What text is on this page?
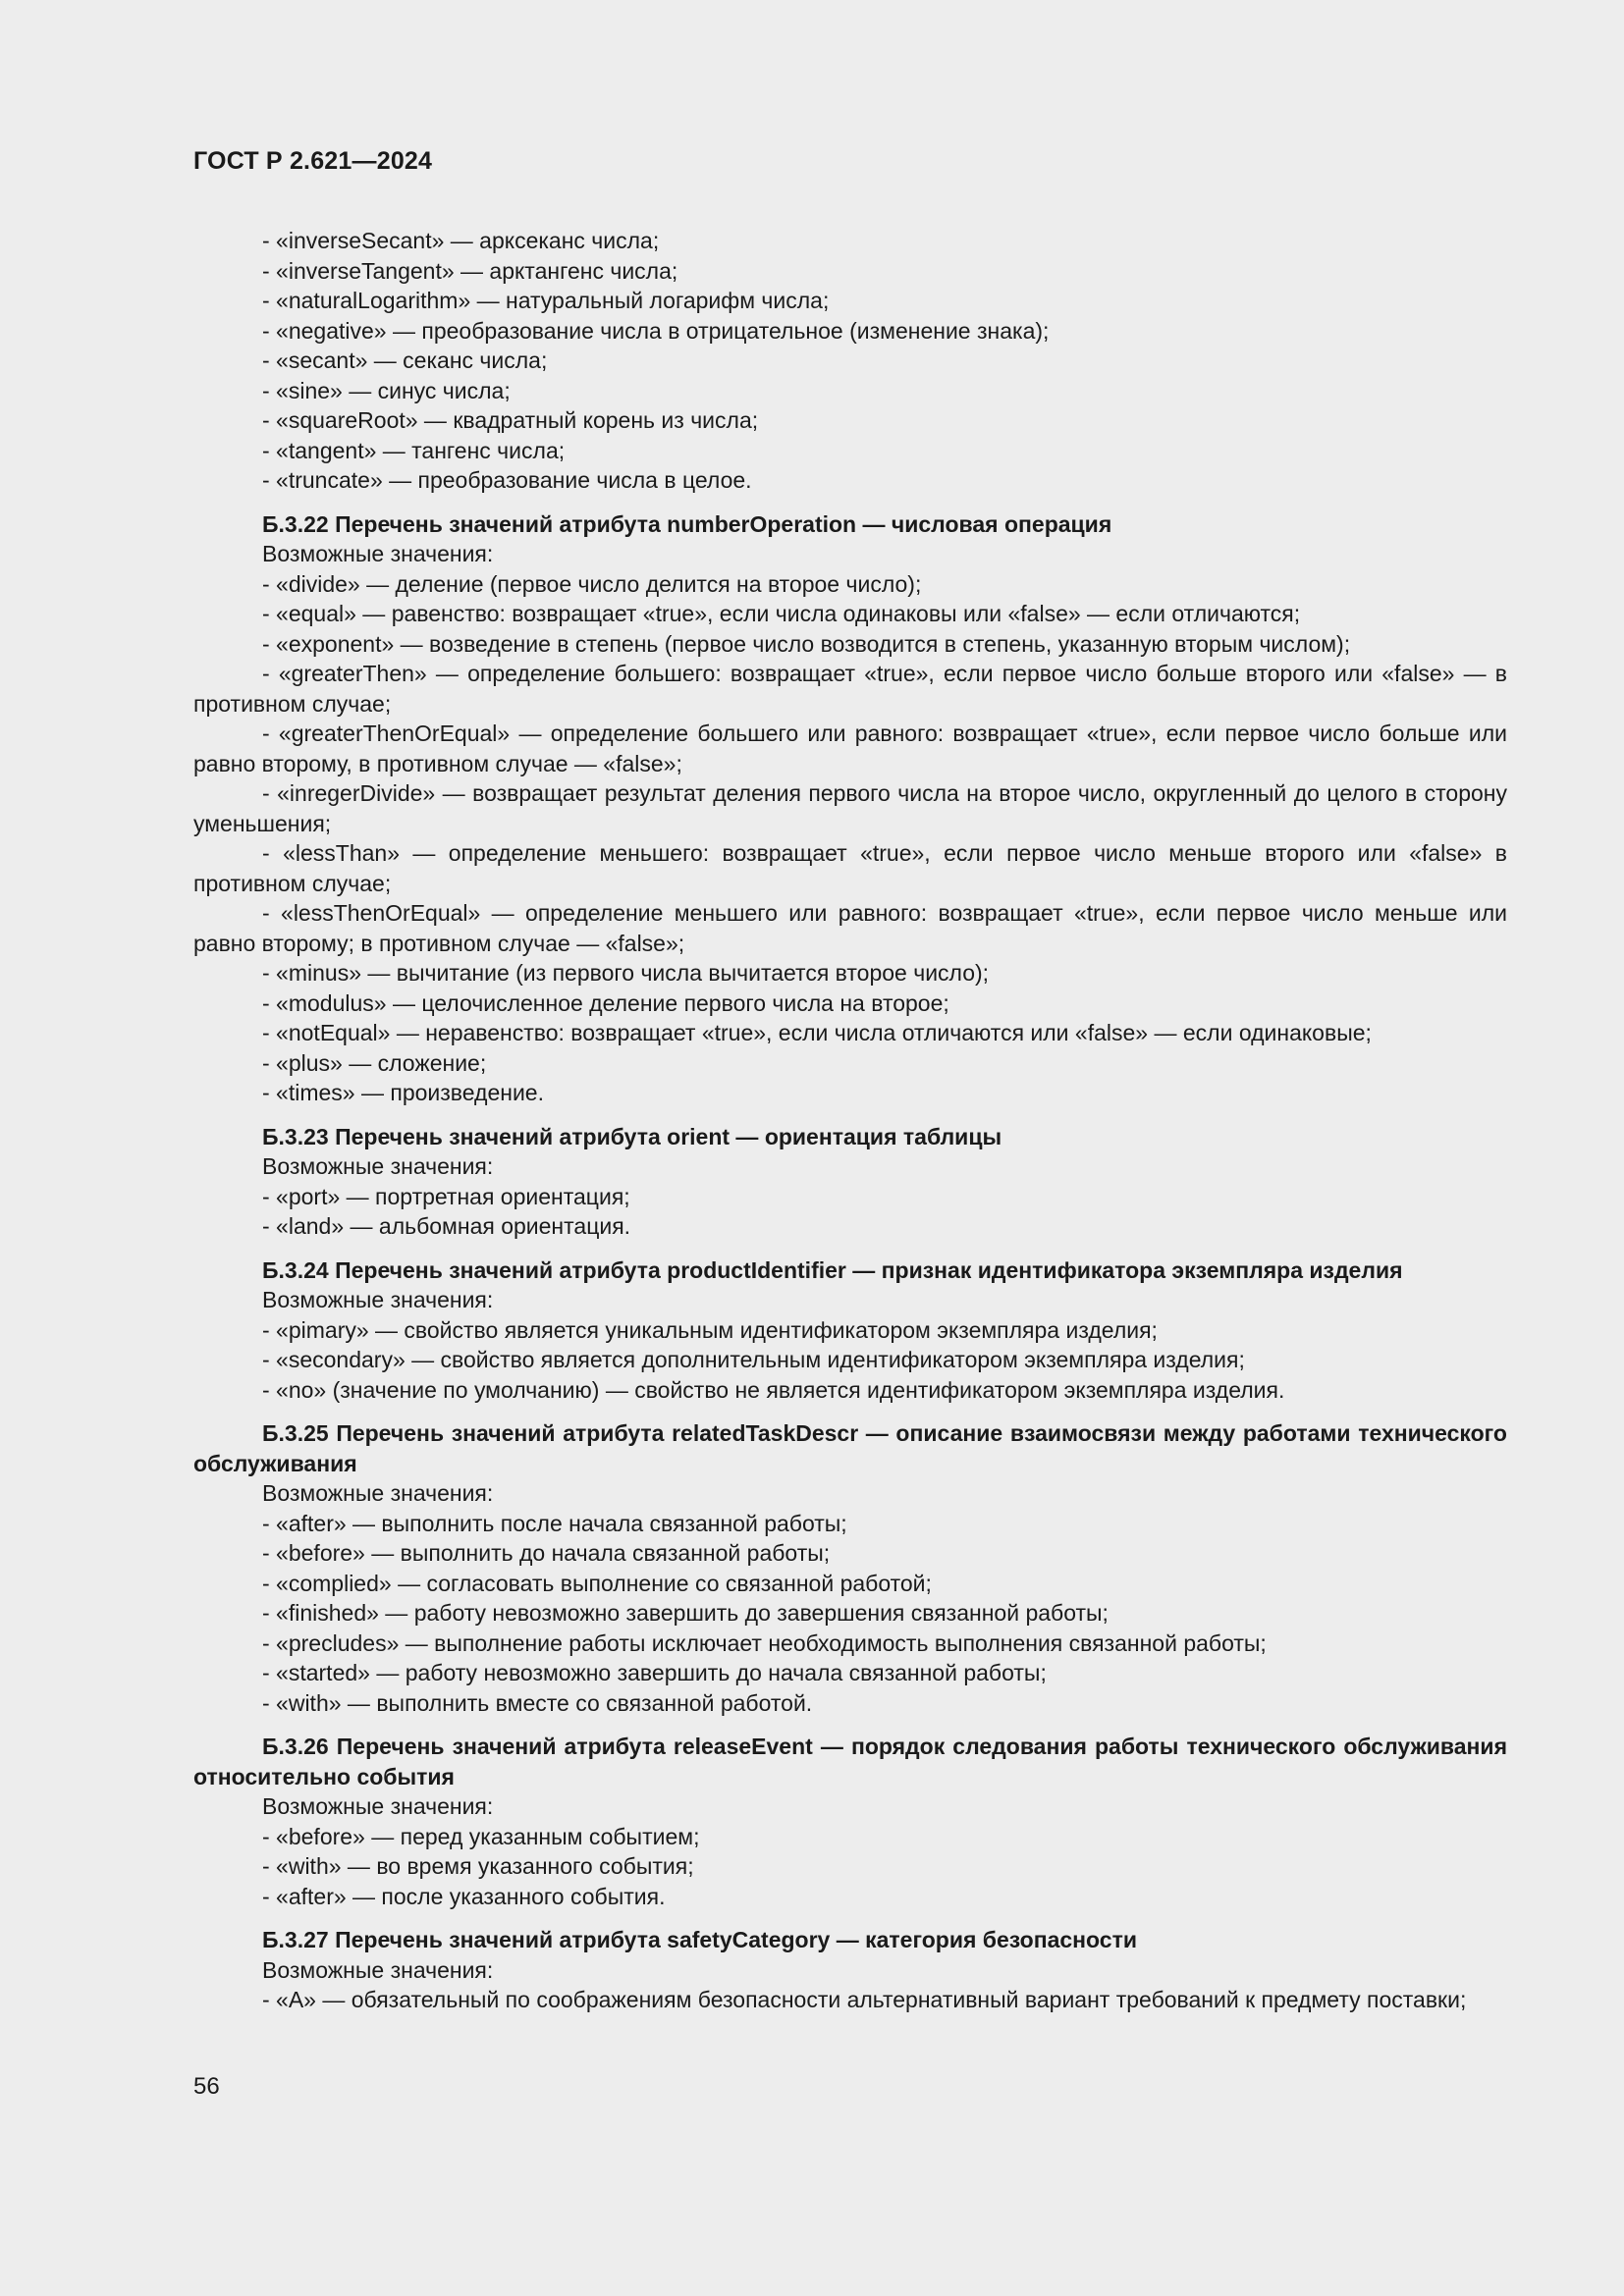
ГОСТ Р 2.621—2024
- «inverseSecant» — арксеканс числа;
- «inverseTangent» — арктангенс числа;
- «naturalLogarithm» — натуральный логарифм числа;
- «negative» — преобразование числа в отрицательное (изменение знака);
- «secant» — секанс числа;
- «sine» — синус числа;
- «squareRoot» — квадратный корень из числа;
- «tangent» — тангенс числа;
- «truncate» — преобразование числа в целое.
Б.3.22 Перечень значений атрибута numberOperation — числовая операция
Возможные значения:
- «divide» — деление (первое число делится на второе число);
- «equal» — равенство: возвращает «true», если числа одинаковы или «false» — если отличаются;
- «exponent» — возведение в степень (первое число возводится в степень, указанную вторым числом);
- «greaterThen» — определение большего: возвращает «true», если первое число больше второго или «false» — в противном случае;
- «greaterThenOrEqual» — определение большего или равного: возвращает «true», если первое число больше или равно второму, в противном случае — «false»;
- «inregerDivide» — возвращает результат деления первого числа на второе число, округленный до целого в сторону уменьшения;
- «lessThan» — определение меньшего: возвращает «true», если первое число меньше второго или «false» в противном случае;
- «lessThenOrEqual» — определение меньшего или равного: возвращает «true», если первое число меньше или равно второму; в противном случае — «false»;
- «minus» — вычитание (из первого числа вычитается второе число);
- «modulus» — целочисленное деление первого числа на второе;
- «notEqual» — неравенство: возвращает «true», если числа отличаются или «false» — если одинаковые;
- «plus» — сложение;
- «times» — произведение.
Б.3.23 Перечень значений атрибута orient — ориентация таблицы
Возможные значения:
- «port» — портретная ориентация;
- «land» — альбомная ориентация.
Б.3.24 Перечень значений атрибута productIdentifier — признак идентификатора экземпляра изделия
Возможные значения:
- «pimary» — свойство является уникальным идентификатором экземпляра изделия;
- «secondary» — свойство является дополнительным идентификатором экземпляра изделия;
- «no» (значение по умолчанию) — свойство не является идентификатором экземпляра изделия.
Б.3.25 Перечень значений атрибута relatedTaskDescr — описание взаимосвязи между работами технического обслуживания
Возможные значения:
- «after» — выполнить после начала связанной работы;
- «before» — выполнить до начала связанной работы;
- «complied» — согласовать выполнение со связанной работой;
- «finished» — работу невозможно завершить до завершения связанной работы;
- «precludes» — выполнение работы исключает необходимость выполнения связанной работы;
- «started» — работу невозможно завершить до начала связанной работы;
- «with» — выполнить вместе со связанной работой.
Б.3.26 Перечень значений атрибута releaseEvent — порядок следования работы технического обслуживания относительно события
Возможные значения:
- «before» — перед указанным событием;
- «with» — во время указанного события;
- «after» — после указанного события.
Б.3.27 Перечень значений атрибута safetyCategory — категория безопасности
Возможные значения:
- «A» — обязательный по соображениям безопасности альтернативный вариант требований к предмету поставки;
56
